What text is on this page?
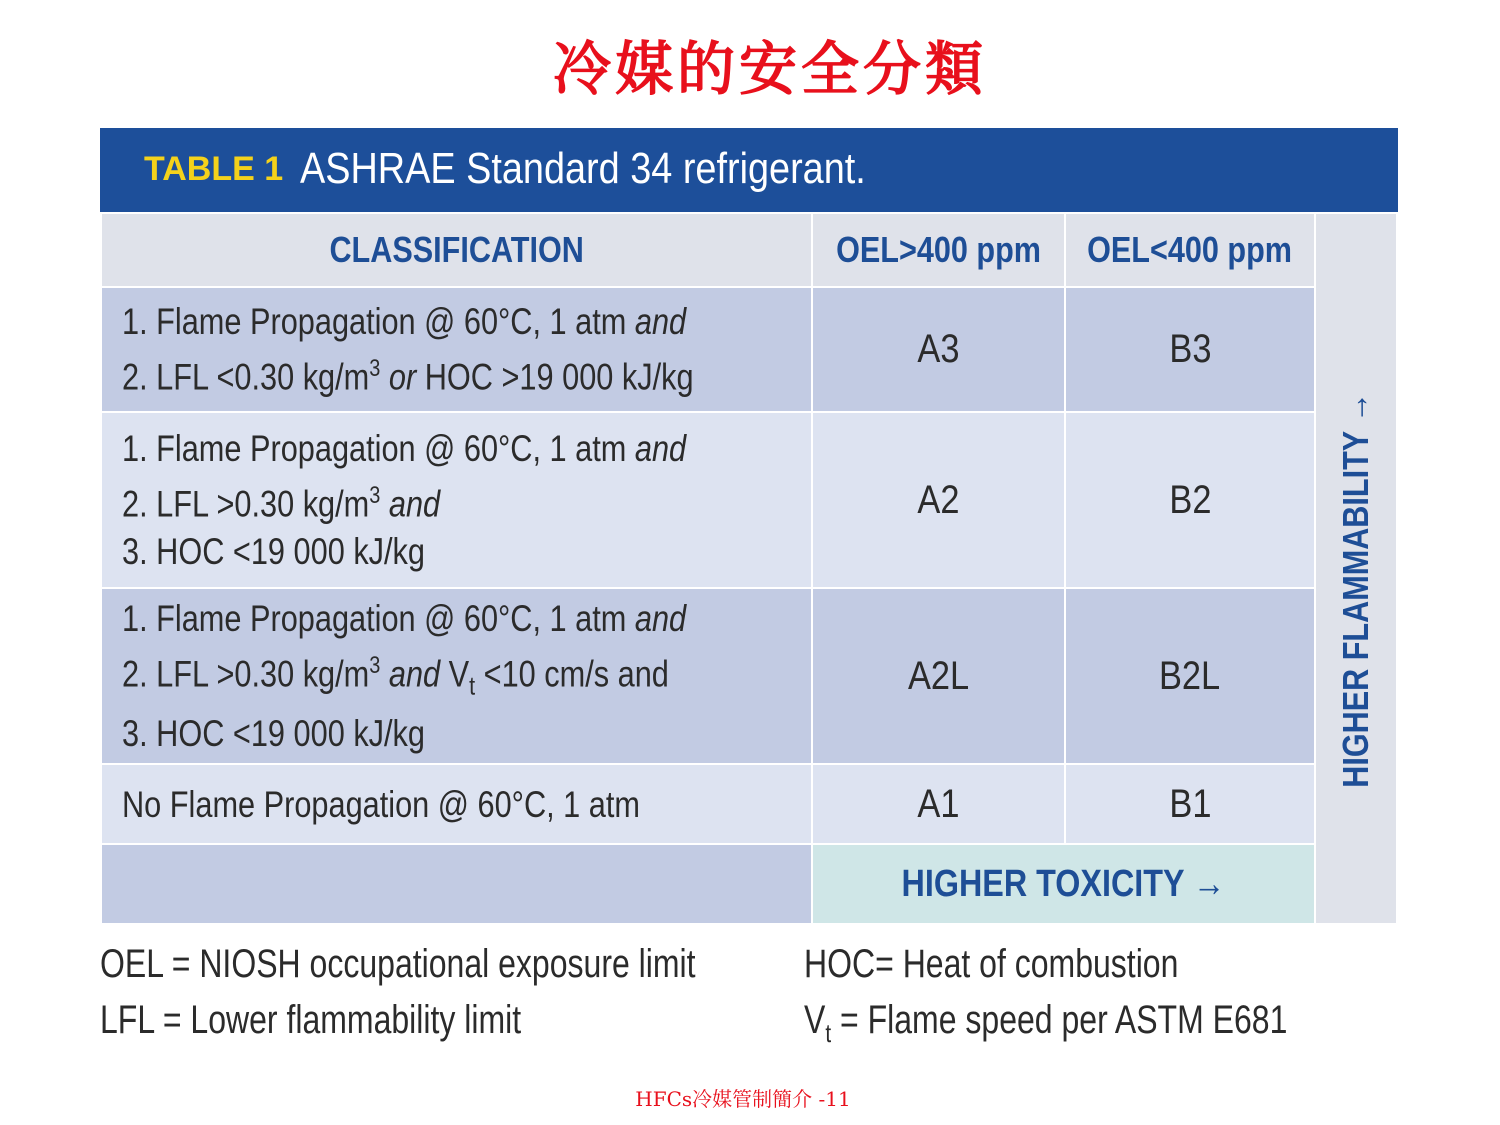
冷媒的安全分類
TABLE 1 ASHRAE Standard 34 refrigerant.
CLASSIFICATION	OEL>400 ppm	OEL<400 ppm	HIGHER FLAMMABILITY →

1. Flame Propagation @ 60°C, 1 atm and
2. LFL <0.30 $kg/m^3$ or HOC >19 000 kJ/kg	A3	B3	
1. Flame Propagation @ 60°C, 1 atm and
2. LFL >0.30 $kg/m^3$ and
3. HOC <19 000 kJ/kg	A2	B2	
1. Flame Propagation @ 60°C, 1 atm and
2. LFL >0.30 $kg/m^3$ and $V_t <10$ cm/s and
3. HOC <19 000 kJ/kg	A2L	B2L	
No Flame Propagation @ 60°C, 1 atm	A1	B1	
	HIGHER TOXICITY →		
OEL = NIOSH occupational exposure limit
LFL = Lower flammability limit
HOC= Heat of combustion
$V_t$ = Flame speed per ASTM E681
HFCs冷媒管制簡介 -11
